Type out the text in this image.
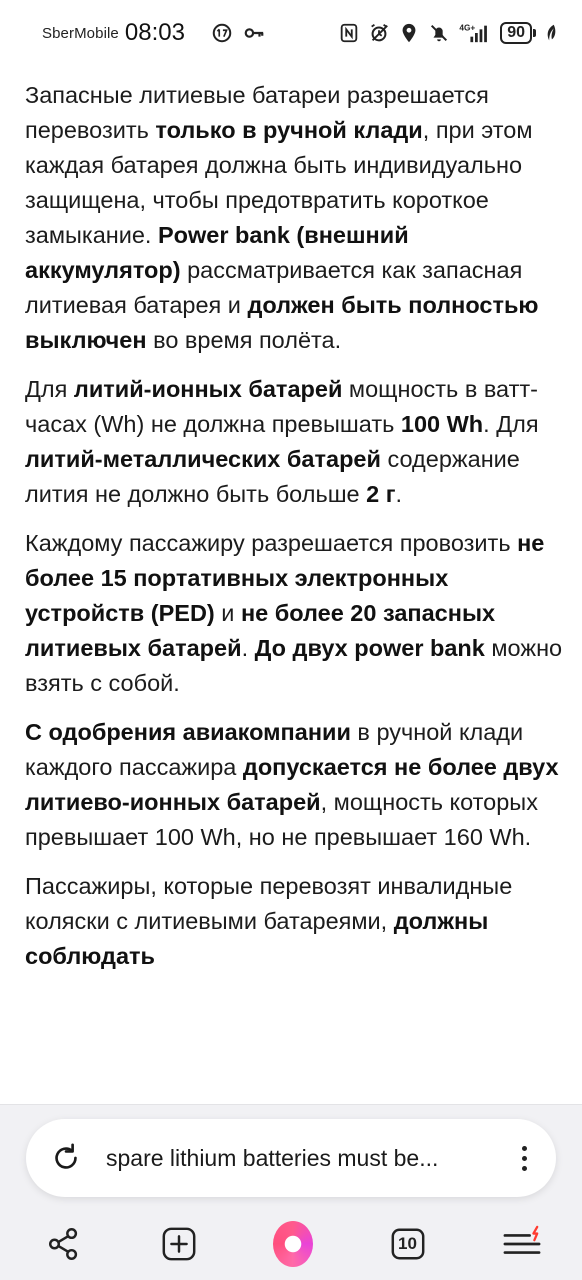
SberMobile 08:03	4G+	90

Запасные литиевые батареи разрешается перевозить только в ручной клади, при этом каждая батарея должна быть индивидуально защищена, чтобы предотвратить короткое замыкание. Power bank (внешний аккумулятор) рассматривается как запасная литиевая батарея и должен быть полностью выключен во время полёта.

Для литий-ионных батарей мощность в ватт-часах (Wh) не должна превышать 100 Wh. Для литий-металлических батарей содержание лития не должно быть больше 2 г.

Каждому пассажиру разрешается провозить не более 15 портативных электронных устройств (PED) и не более 20 запасных литиевых батарей. До двух power bank можно взять с собой.

С одобрения авиакомпании в ручной клади каждого пассажира допускается не более двух литиево-ионных батарей, мощность которых превышает 100 Wh, но не превышает 160 Wh.

Пассажиры, которые перевозят инвалидные коляски с литиевыми батареями, должны соблюдать

spare lithium batteries must be...
10
